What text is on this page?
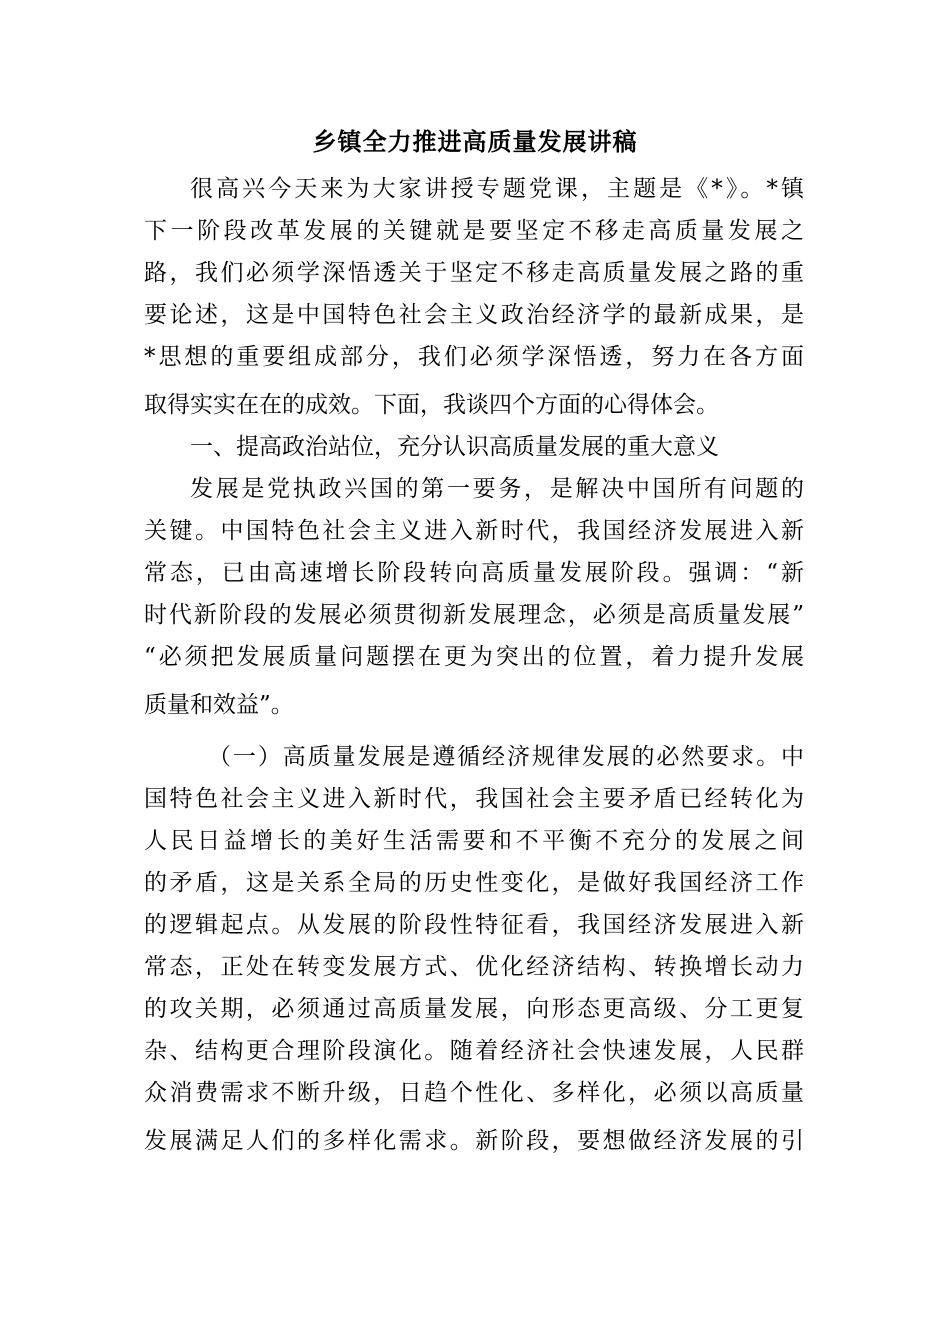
乡镇全力推进高质量发展讲稿
很高兴今天来为大家讲授专题党课，主题是《*》。*镇
下一阶段改革发展的关键就是要坚定不移走高质量发展之
路，我们必须学深悟透关于坚定不移走高质量发展之路的重
要论述，这是中国特色社会主义政治经济学的最新成果，是
*思想的重要组成部分，我们必须学深悟透，努力在各方面
取得实实在在的成效。下面，我谈四个方面的心得体会。
一、提高政治站位，充分认识高质量发展的重大意义
发展是党执政兴国的第一要务，是解决中国所有问题的
关键。中国特色社会主义进入新时代，我国经济发展进入新
常态，已由高速增长阶段转向高质量发展阶段。强调：“新
时代新阶段的发展必须贯彻新发展理念，必须是高质量发展”
“必须把发展质量问题摆在更为突出的位置，着力提升发展
质量和效益”。
（一）高质量发展是遵循经济规律发展的必然要求。中
国特色社会主义进入新时代，我国社会主要矛盾已经转化为
人民日益增长的美好生活需要和不平衡不充分的发展之间
的矛盾，这是关系全局的历史性变化，是做好我国经济工作
的逻辑起点。从发展的阶段性特征看，我国经济发展进入新
常态，正处在转变发展方式、优化经济结构、转换增长动力
的攻关期，必须通过高质量发展，向形态更高级、分工更复
杂、结构更合理阶段演化。随着经济社会快速发展，人民群
众消费需求不断升级，日趋个性化、多样化，必须以高质量
发展满足人们的多样化需求。新阶段，要想做经济发展的引
